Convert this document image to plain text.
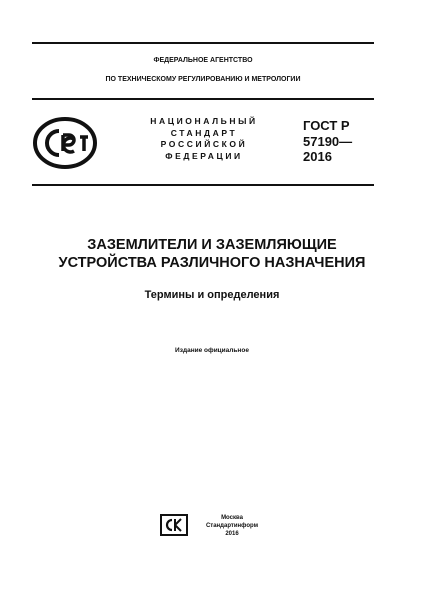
ФЕДЕРАЛЬНОЕ АГЕНТСТВО
ПО ТЕХНИЧЕСКОМУ РЕГУЛИРОВАНИЮ И МЕТРОЛОГИИ
НАЦИОНАЛЬНЫЙ
СТАНДАРТ
РОССИЙСКОЙ
ФЕДЕРАЦИИ
ГОСТ Р
57190—
2016
ЗАЗЕМЛИТЕЛИ И ЗАЗЕМЛЯЮЩИЕ
УСТРОЙСТВА РАЗЛИЧНОГО НАЗНАЧЕНИЯ
Термины и определения
Издание официальное
Москва
Стандартинформ
2016
